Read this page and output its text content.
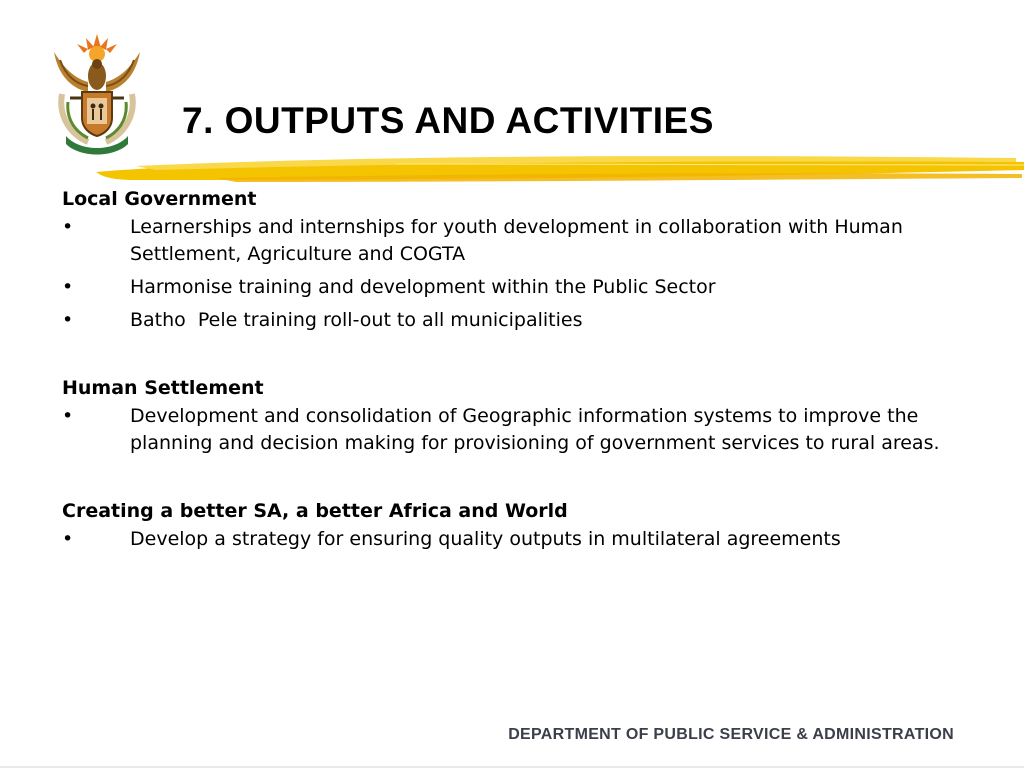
7. OUTPUTS AND ACTIVITIES
Local Government
•	Learnerships and internships for youth development in collaboration with Human Settlement, Agriculture and COGTA
•	Harmonise training and development within the Public Sector
•	Batho  Pele training roll-out to all municipalities
Human Settlement
•	Development and consolidation of Geographic information systems to improve the planning and decision making for provisioning of government services to rural areas.
Creating a better SA, a better Africa and World
•	Develop a strategy for ensuring quality outputs in multilateral agreements

DEPARTMENT OF PUBLIC SERVICE & ADMINISTRATION
